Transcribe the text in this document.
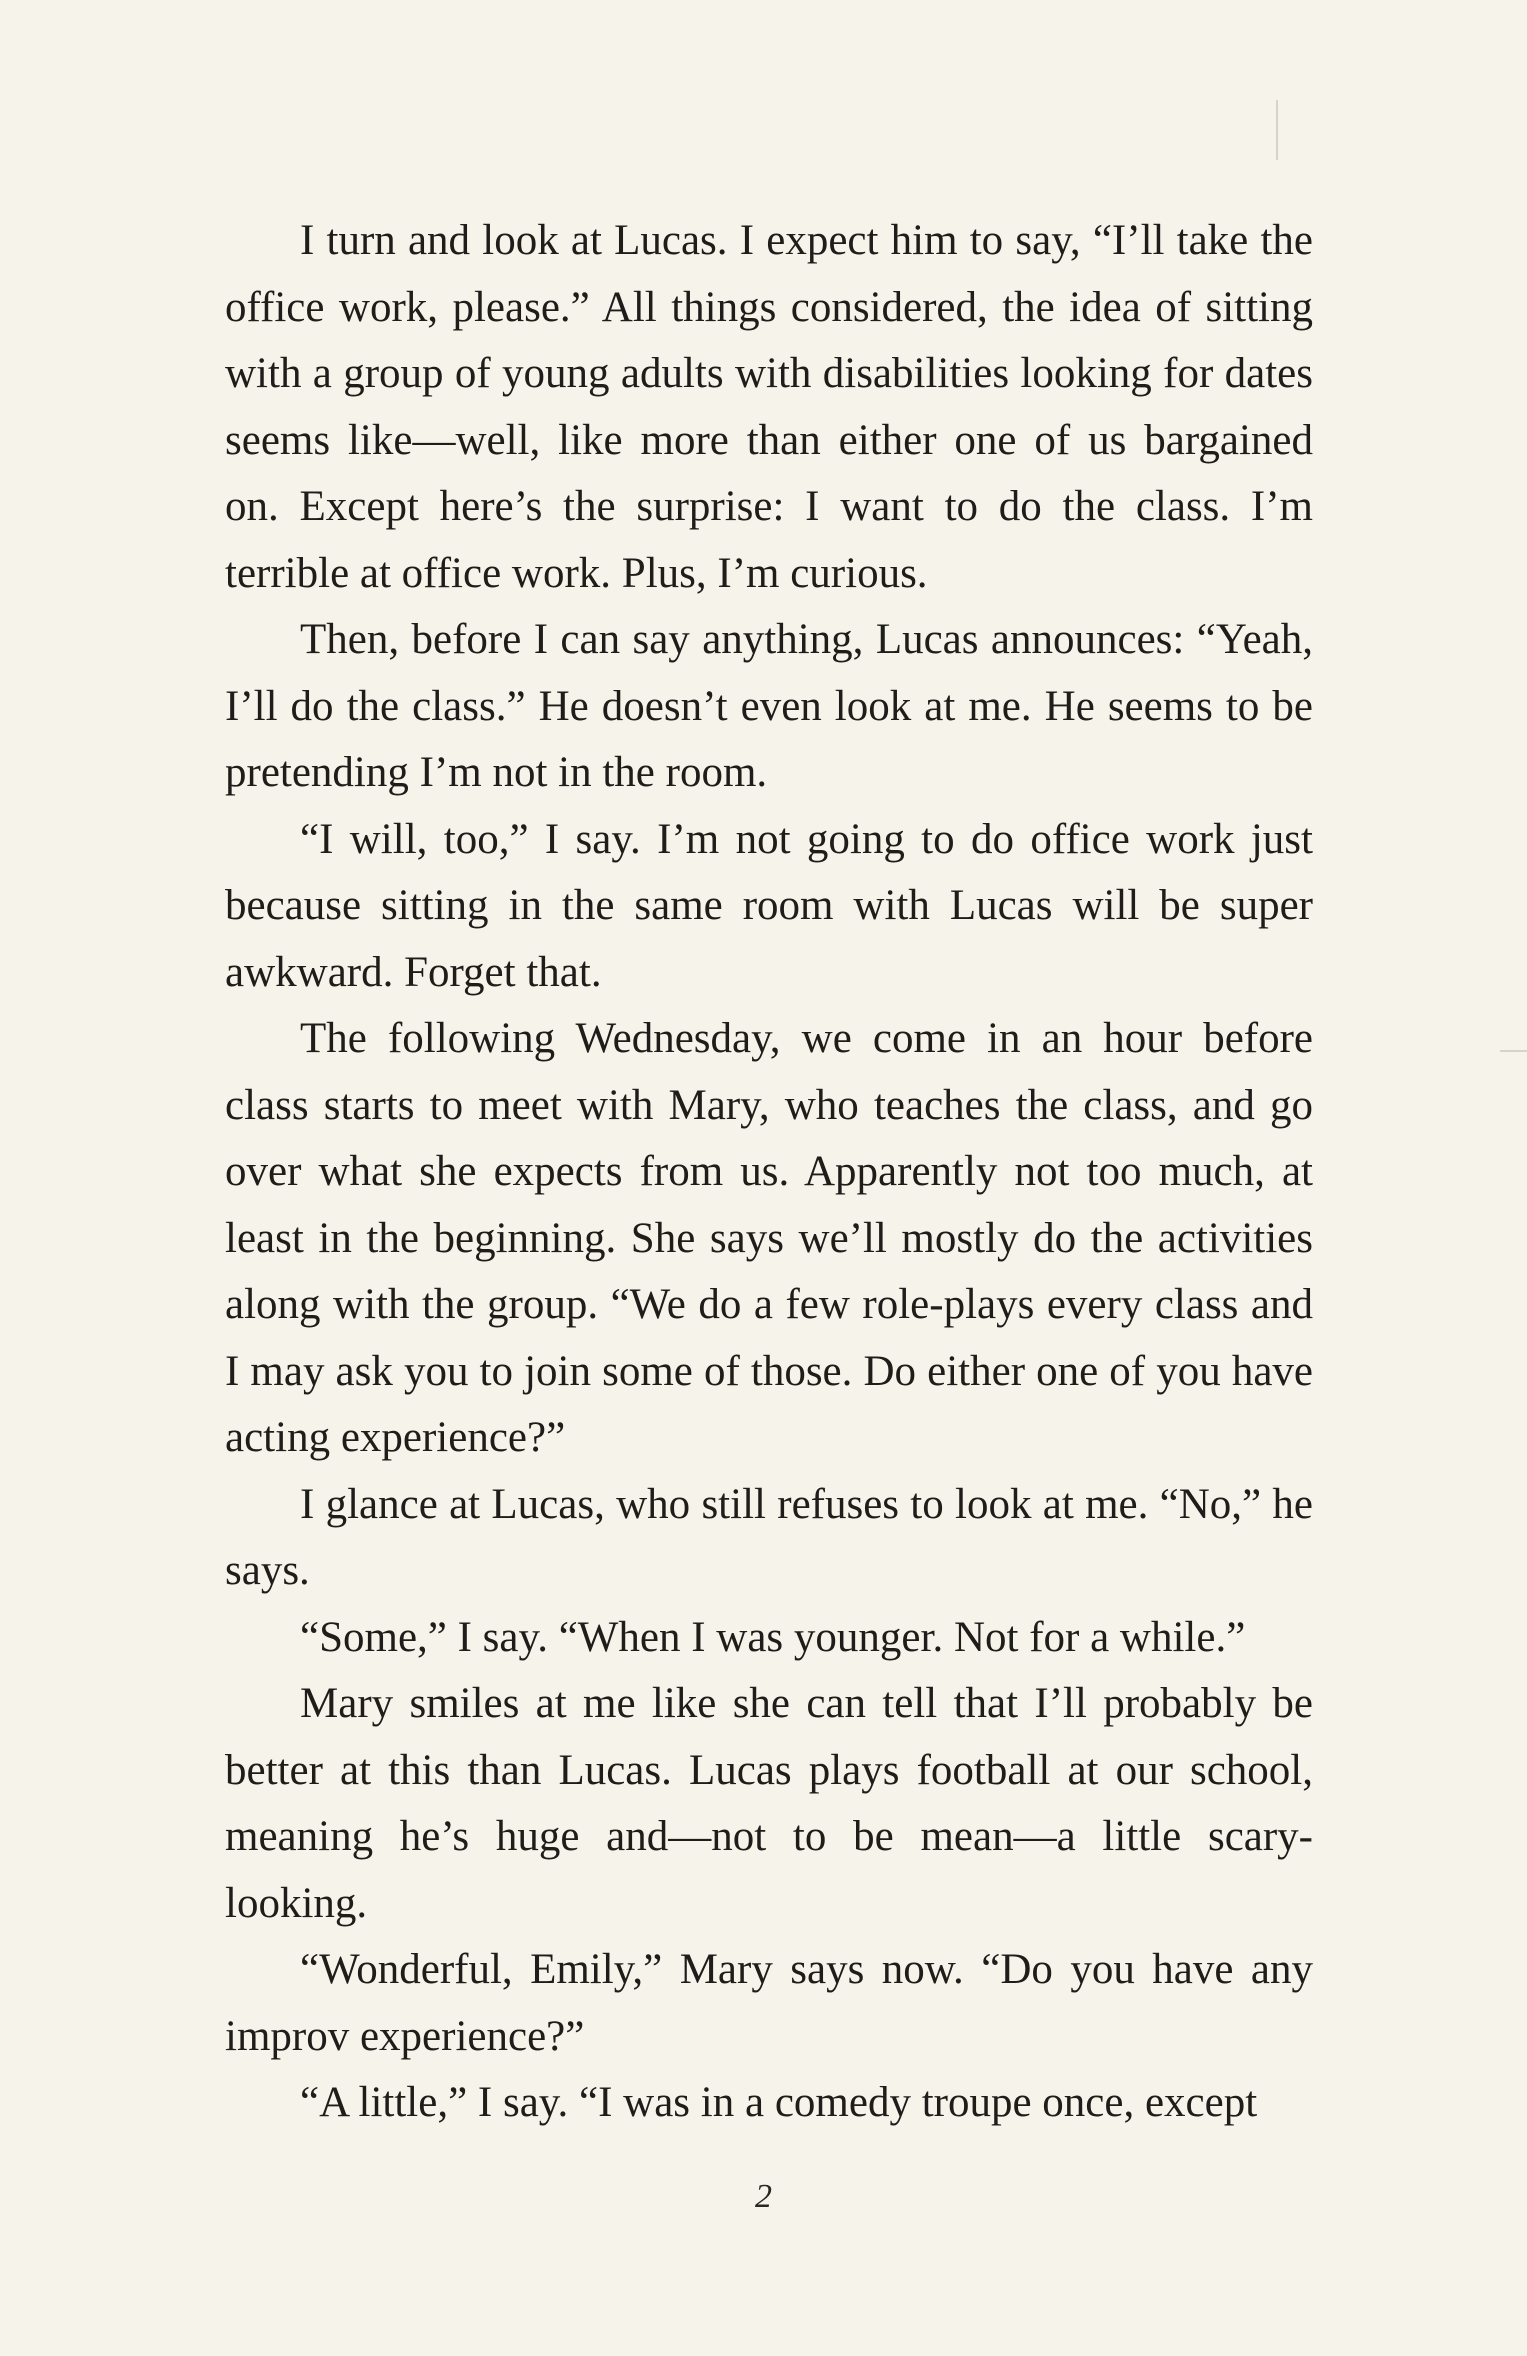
I turn and look at Lucas. I expect him to say, “I’ll take the office work, please.” All things considered, the idea of sitting with a group of young adults with disabilities looking for dates seems like—well, like more than either one of us bargained on. Except here’s the surprise: I want to do the class. I’m terrible at office work. Plus, I’m curious.

Then, before I can say anything, Lucas announces: “Yeah, I’ll do the class.” He doesn’t even look at me. He seems to be pretending I’m not in the room.

“I will, too,” I say. I’m not going to do office work just because sitting in the same room with Lucas will be super awkward. Forget that.

The following Wednesday, we come in an hour before class starts to meet with Mary, who teaches the class, and go over what she expects from us. Apparently not too much, at least in the beginning. She says we’ll mostly do the activities along with the group. “We do a few role-plays every class and I may ask you to join some of those. Do either one of you have acting experience?”

I glance at Lucas, who still refuses to look at me. “No,” he says.

“Some,” I say. “When I was younger. Not for a while.”

Mary smiles at me like she can tell that I’ll probably be better at this than Lucas. Lucas plays football at our school, meaning he’s huge and—not to be mean—a little scary-looking.

“Wonderful, Emily,” Mary says now. “Do you have any improv experience?”

“A little,” I say. “I was in a comedy troupe once, except

2
